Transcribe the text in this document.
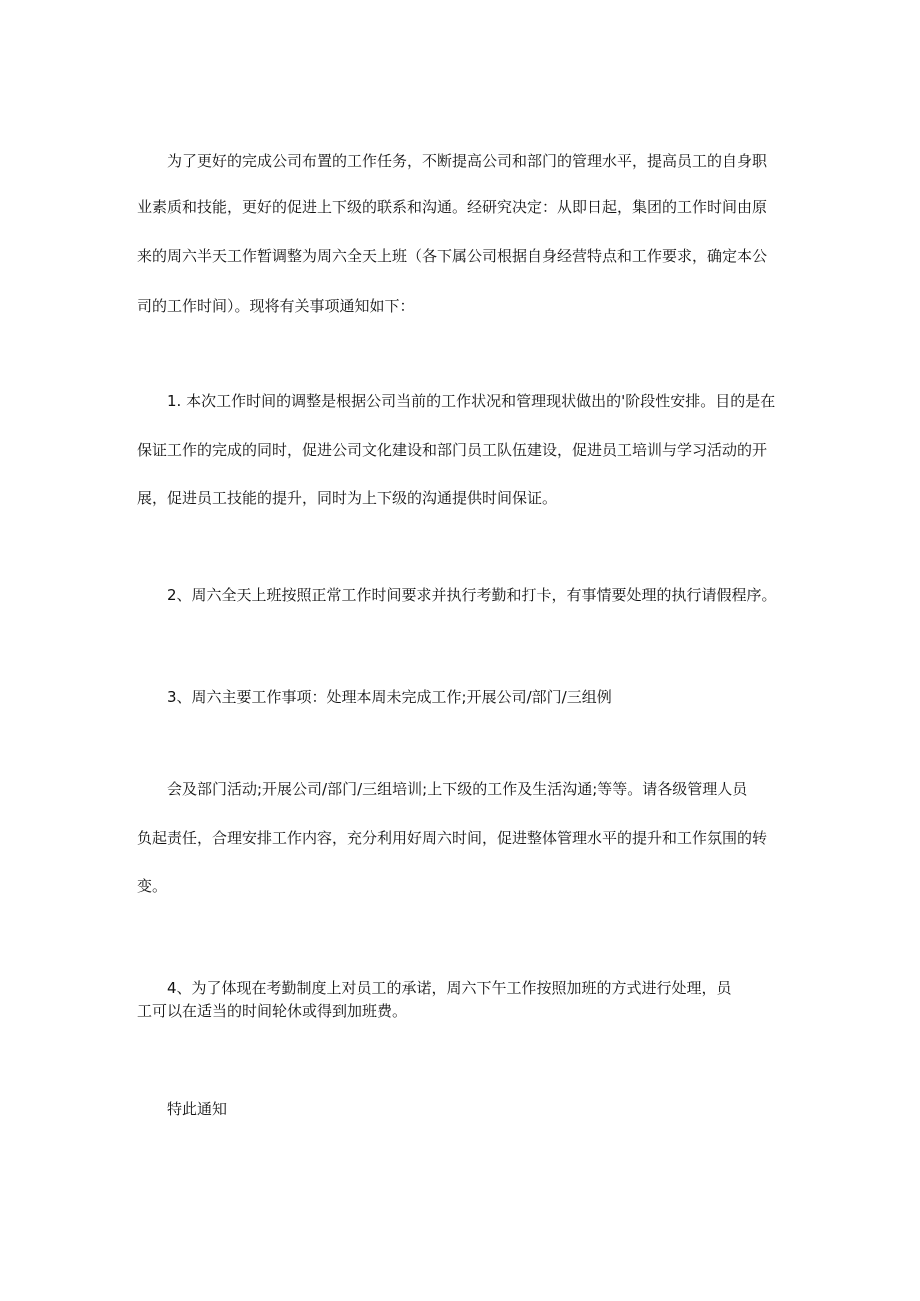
为了更好的完成公司布置的工作任务，不断提高公司和部门的管理水平，提高员工的自身职
业素质和技能，更好的促进上下级的联系和沟通。经研究决定：从即日起，集团的工作时间由原
来的周六半天工作暂调整为周六全天上班（各下属公司根据自身经营特点和工作要求，确定本公
司的工作时间）。现将有关事项通知如下：
1. 本次工作时间的调整是根据公司当前的工作状况和管理现状做出的'阶段性安排。目的是在
保证工作的完成的同时，促进公司文化建设和部门员工队伍建设，促进员工培训与学习活动的开
展，促进员工技能的提升，同时为上下级的沟通提供时间保证。
2、周六全天上班按照正常工作时间要求并执行考勤和打卡，有事情要处理的执行请假程序。
3、周六主要工作事项：处理本周未完成工作;开展公司/部门/三组例
会及部门活动;开展公司/部门/三组培训;上下级的工作及生活沟通;等等。请各级管理人员
负起责任，合理安排工作内容，充分利用好周六时间，促进整体管理水平的提升和工作氛围的转
变。
4、为了体现在考勤制度上对员工的承诺，周六下午工作按照加班的方式进行处理，员
工可以在适当的时间轮休或得到加班费。
特此通知
